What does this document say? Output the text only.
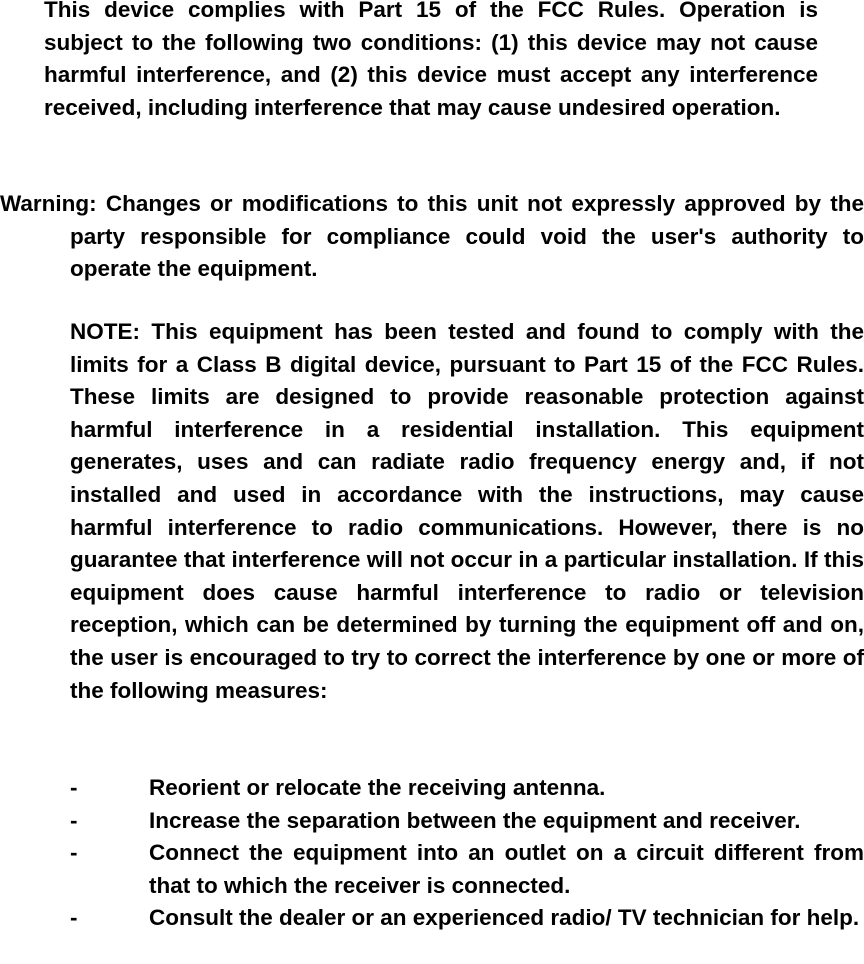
This device complies with Part 15 of the FCC Rules. Operation is subject to the following two conditions: (1) this device may not cause harmful interference, and (2) this device must accept any interference received, including interference that may cause undesired operation.

Warning: Changes or modifications to this unit not expressly approved by the party responsible for compliance could void the user's authority to operate the equipment.

NOTE: This equipment has been tested and found to comply with the limits for a Class B digital device, pursuant to Part 15 of the FCC Rules. These limits are designed to provide reasonable protection against harmful interference in a residential installation. This equipment generates, uses and can radiate radio frequency energy and, if not installed and used in accordance with the instructions, may cause harmful interference to radio communications. However, there is no guarantee that interference will not occur in a particular installation. If this equipment does cause harmful interference to radio or television reception, which can be determined by turning the equipment off and on, the user is encouraged to try to correct the interference by one or more of the following measures:

-	Reorient or relocate the receiving antenna.
-	Increase the separation between the equipment and receiver.
-	Connect the equipment into an outlet on a circuit different from that to which the receiver is connected.
-	Consult the dealer or an experienced radio/ TV technician for help.
